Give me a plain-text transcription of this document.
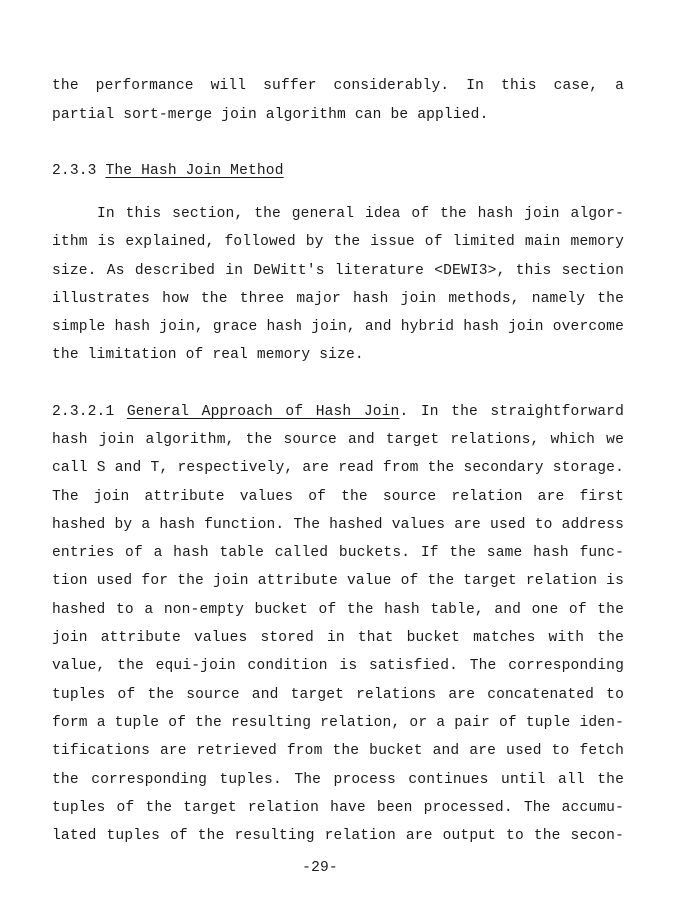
the performance will suffer considerably. In this case, a
partial sort-merge join algorithm can be applied.
2.3.3 The Hash Join Method
In this section, the general idea of the hash join algor-
ithm is explained, followed by the issue of limited main memory
size. As described in DeWitt's literature <DEWI3>, this section
illustrates how the three major hash join methods, namely the
simple hash join, grace hash join, and hybrid hash join overcome
the limitation of real memory size.
2.3.2.1 General Approach of Hash Join. In the straightforward
hash join algorithm, the source and target relations, which we
call S and T, respectively, are read from the secondary storage.
The join attribute values of the source relation are first
hashed by a hash function. The hashed values are used to address
entries of a hash table called buckets. If the same hash func-
tion used for the join attribute value of the target relation is
hashed to a non-empty bucket of the hash table, and one of the
join attribute values stored in that bucket matches with the
value, the equi-join condition is satisfied. The corresponding
tuples of the source and target relations are concatenated to
form a tuple of the resulting relation, or a pair of tuple iden-
tifications are retrieved from the bucket and are used to fetch
the corresponding tuples. The process continues until all the
tuples of the target relation have been processed. The accumu-
lated tuples of the resulting relation are output to the secon-
-29-
